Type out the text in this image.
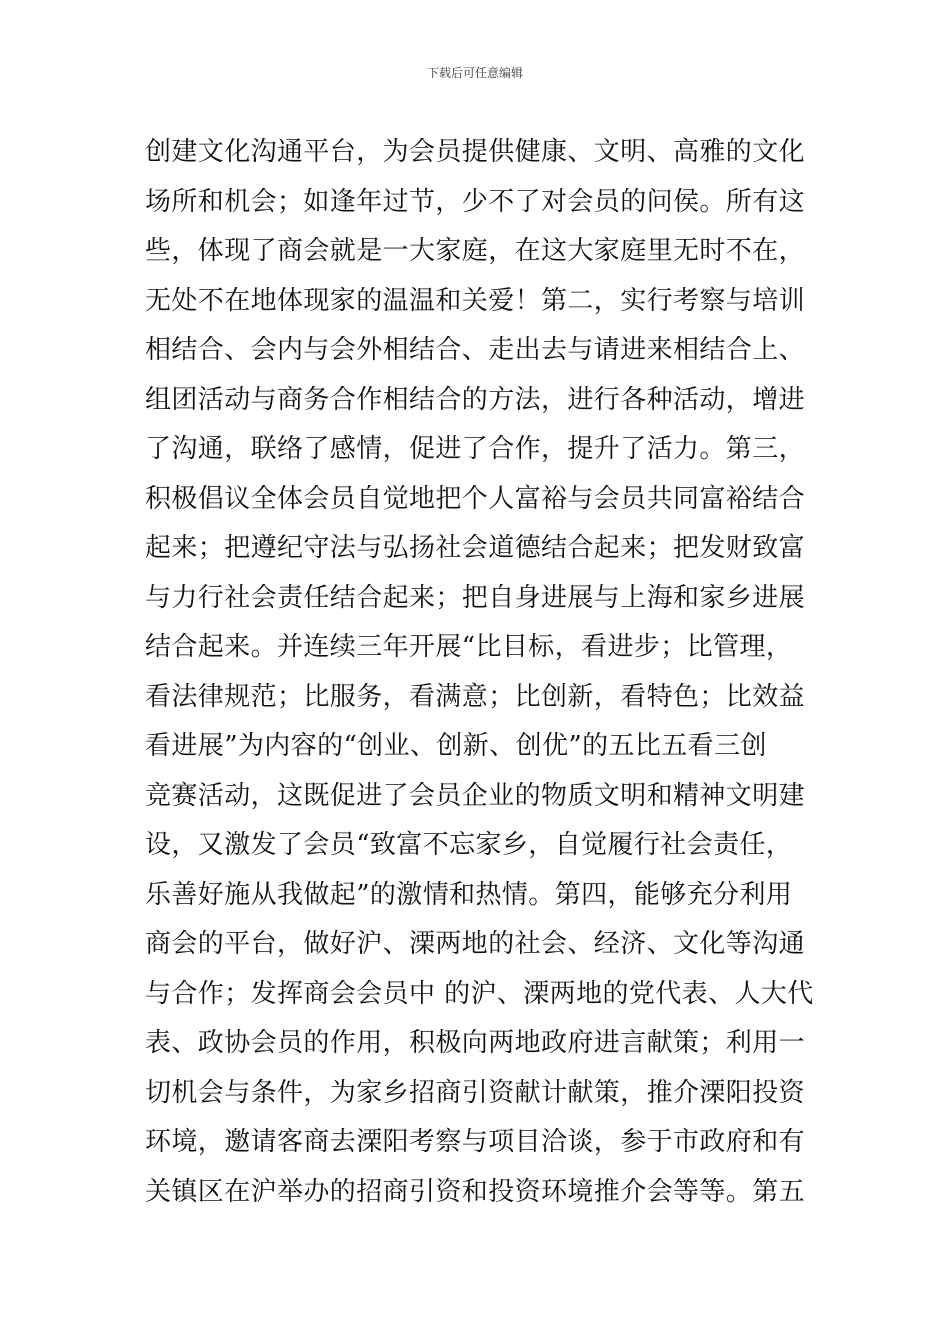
下载后可任意编辑
创建文化沟通平台，为会员提供健康、文明、高雅的文化
场所和机会；如逢年过节，少不了对会员的问侯。所有这
些，体现了商会就是一大家庭，在这大家庭里无时不在，
无处不在地体现家的温温和关爱！第二，实行考察与培训
相结合、会内与会外相结合、走出去与请进来相结合上、
组团活动与商务合作相结合的方法，进行各种活动，增进
了沟通，联络了感情，促进了合作，提升了活力。第三，
积极倡议全体会员自觉地把个人富裕与会员共同富裕结合
起来；把遵纪守法与弘扬社会道德结合起来；把发财致富
与力行社会责任结合起来；把自身进展与上海和家乡进展
结合起来。并连续三年开展“比目标，看进步；比管理，
看法律规范；比服务，看满意；比创新，看特色；比效益
看进展”为内容的“创业、创新、创优”的五比五看三创
竞赛活动，这既促进了会员企业的物质文明和精神文明建
设，又激发了会员“致富不忘家乡，自觉履行社会责任，
乐善好施从我做起”的激情和热情。第四，能够充分利用
商会的平台，做好沪、溧两地的社会、经济、文化等沟通
与合作；发挥商会会员中 的沪、溧两地的党代表、人大代
表、政协会员的作用，积极向两地政府进言献策；利用一
切机会与条件，为家乡招商引资献计献策，推介溧阳投资
环境，邀请客商去溧阳考察与项目洽谈，参于市政府和有
关镇区在沪举办的招商引资和投资环境推介会等等。第五
